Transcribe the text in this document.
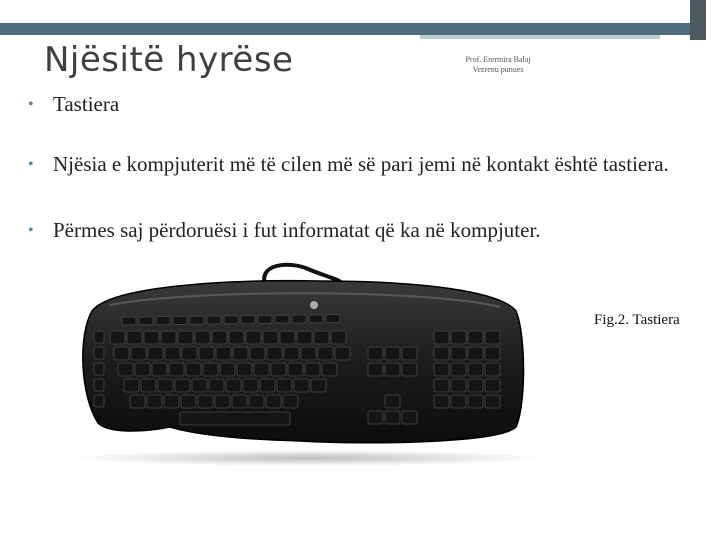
Njësitë hyrëse	Prof. Erermira Balaj
Vezrenu punues
• Tastiera
• Njësia e kompjuterit më të cilen më së pari jemi në kontakt është tastiera.
• Përmes saj përdoruësi i fut informatat që ka në kompjuter.
Fig.2. Tastiera
